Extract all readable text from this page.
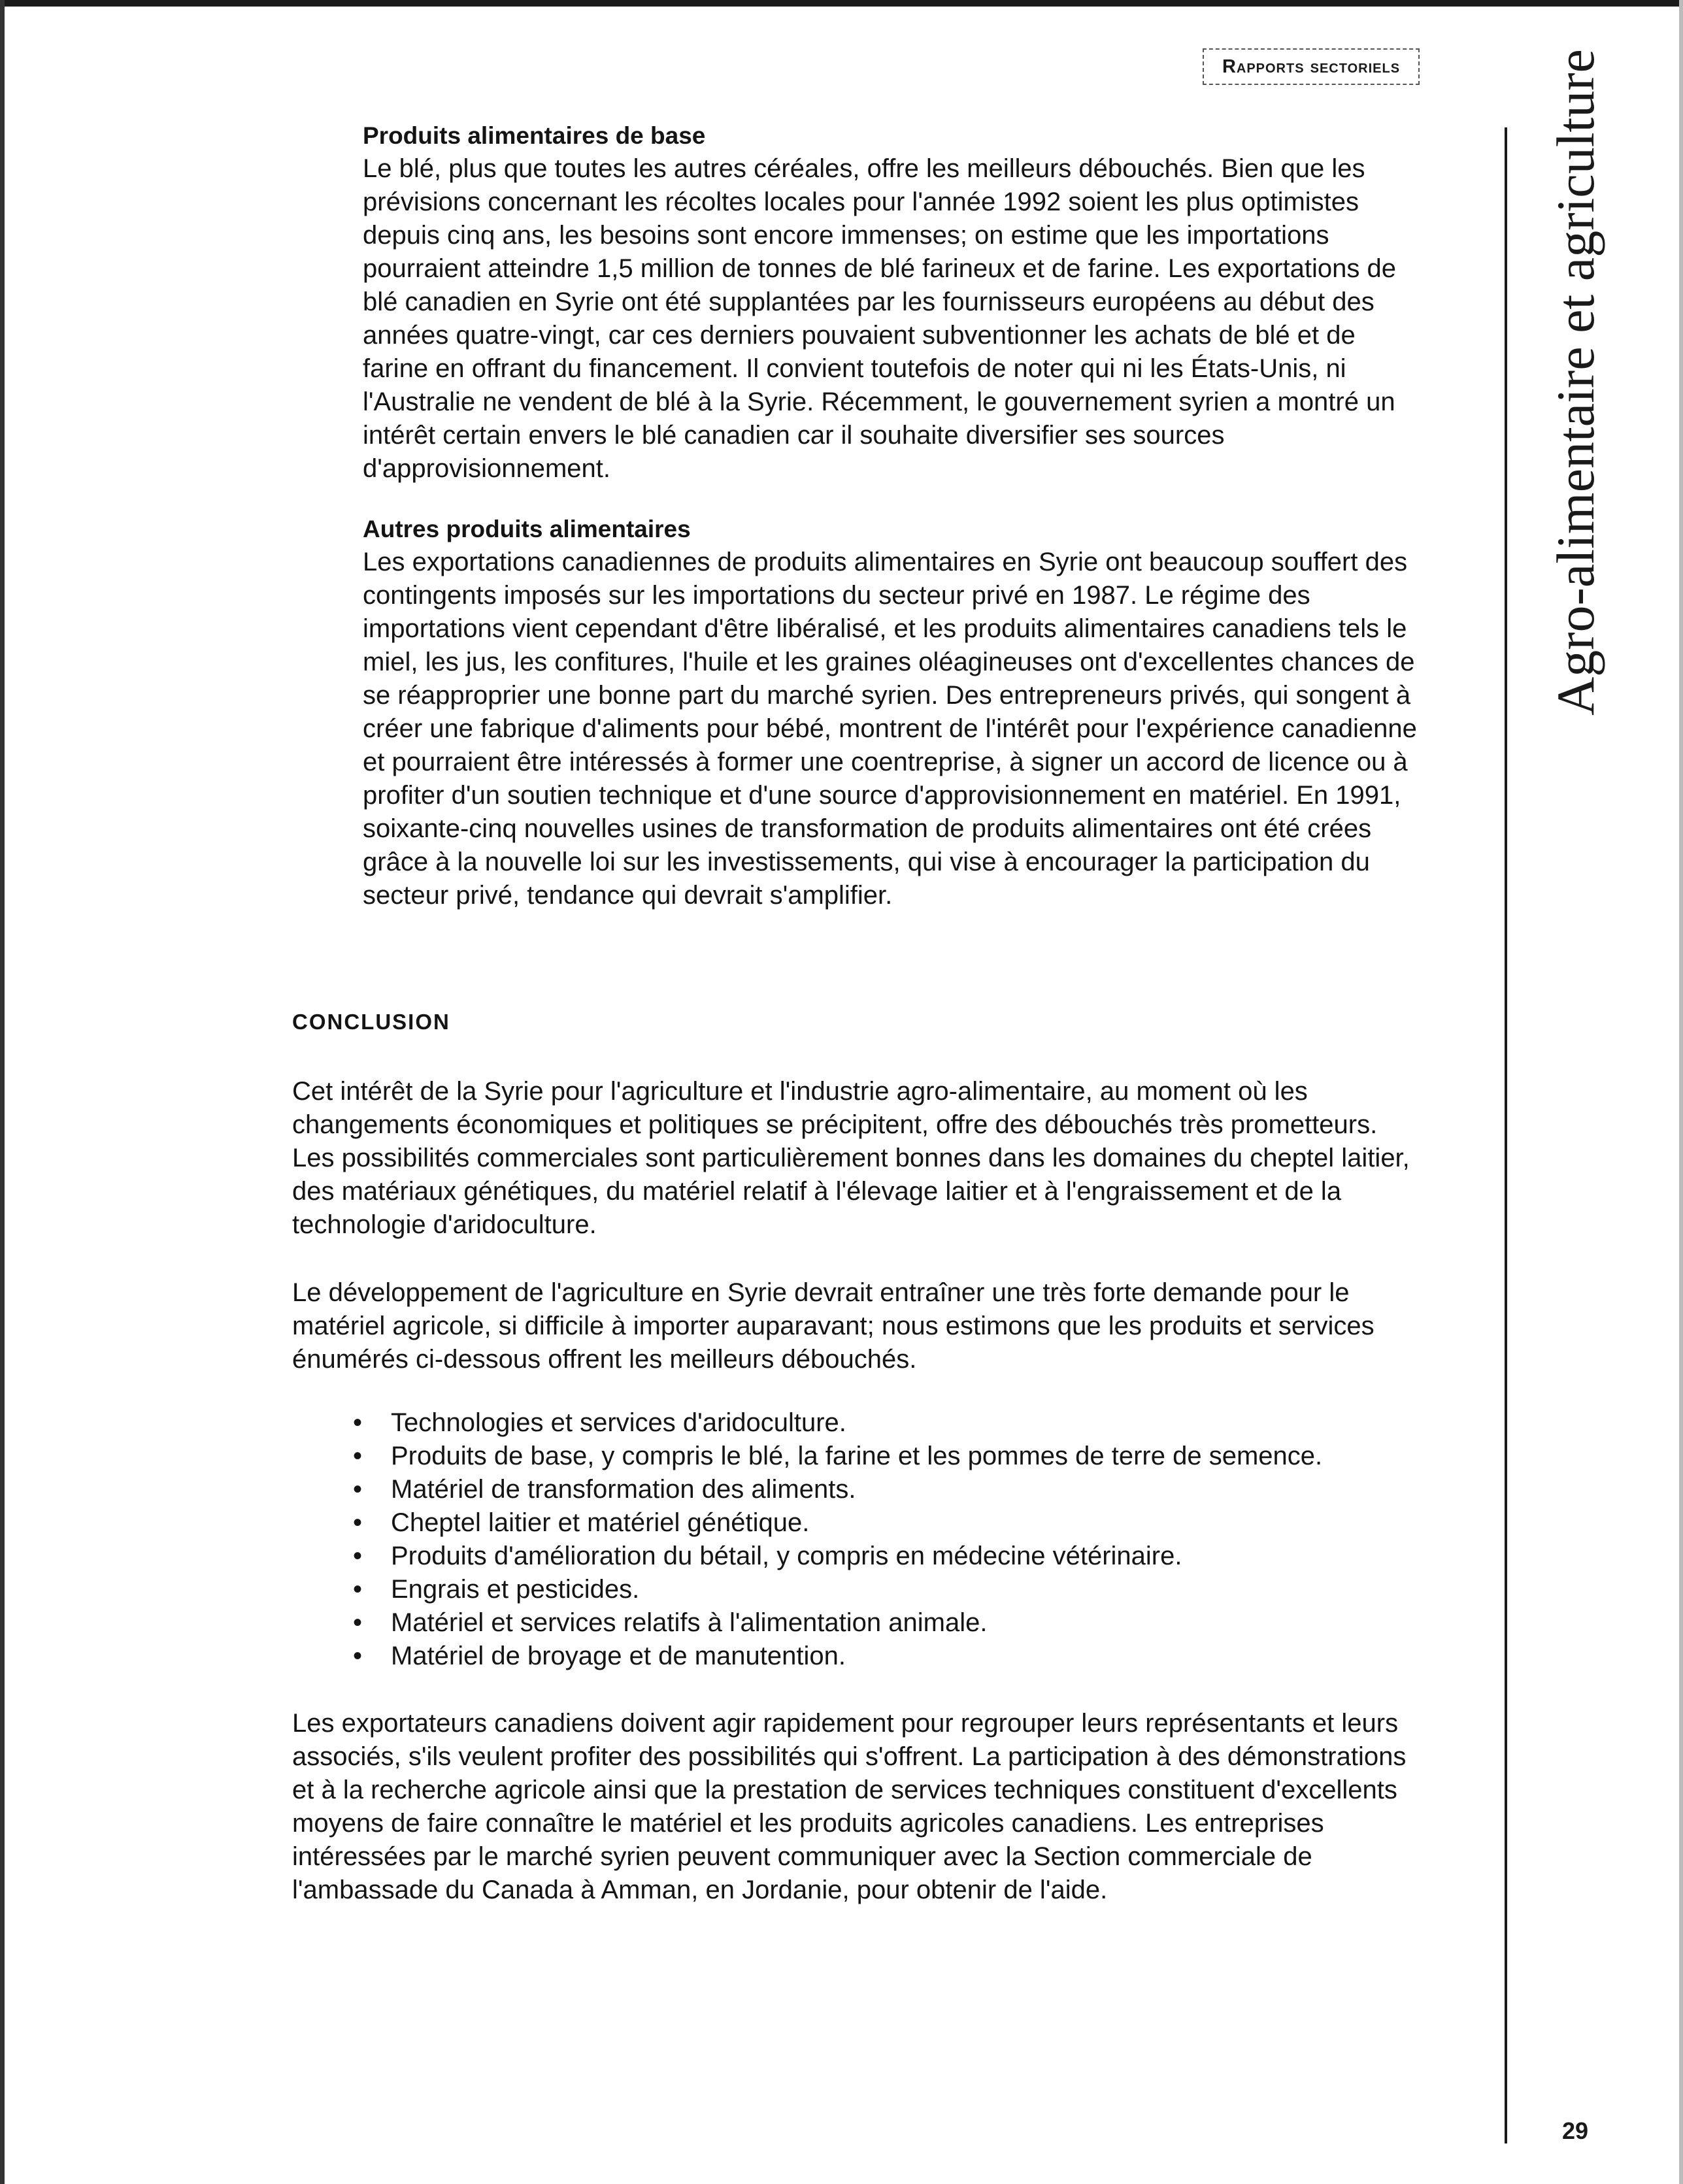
Rapports sectoriels	Agro-alimentaire et agriculture

Produits alimentaires de base

Le blé, plus que toutes les autres céréales, offre les meilleurs débouchés. Bien que les prévisions concernant les récoltes locales pour l'année 1992 soient les plus optimistes depuis cinq ans, les besoins sont encore immenses; on estime que les importations pourraient atteindre 1,5 million de tonnes de blé farineux et de farine. Les exportations de blé canadien en Syrie ont été supplantées par les fournisseurs européens au début des années quatre-vingt, car ces derniers pouvaient subventionner les achats de blé et de farine en offrant du financement. Il convient toutefois de noter qui ni les États-Unis, ni l'Australie ne vendent de blé à la Syrie. Récemment, le gouvernement syrien a montré un intérêt certain envers le blé canadien car il souhaite diversifier ses sources d'approvisionnement.

Autres produits alimentaires

Les exportations canadiennes de produits alimentaires en Syrie ont beaucoup souffert des contingents imposés sur les importations du secteur privé en 1987. Le régime des importations vient cependant d'être libéralisé, et les produits alimentaires canadiens tels le miel, les jus, les confitures, l'huile et les graines oléagineuses ont d'excellentes chances de se réapproprier une bonne part du marché syrien. Des entrepreneurs privés, qui songent à créer une fabrique d'aliments pour bébé, montrent de l'intérêt pour l'expérience canadienne et pourraient être intéressés à former une coentreprise, à signer un accord de licence ou à profiter d'un soutien technique et d'une source d'approvisionnement en matériel. En 1991, soixante-cinq nouvelles usines de transformation de produits alimentaires ont été crées grâce à la nouvelle loi sur les investissements, qui vise à encourager la participation du secteur privé, tendance qui devrait s'amplifier.

CONCLUSION

Cet intérêt de la Syrie pour l'agriculture et l'industrie agro-alimentaire, au moment où les changements économiques et politiques se précipitent, offre des débouchés très prometteurs. Les possibilités commerciales sont particulièrement bonnes dans les domaines du cheptel laitier, des matériaux génétiques, du matériel relatif à l'élevage laitier et à l'engraissement et de la technologie d'aridoculture.

Le développement de l'agriculture en Syrie devrait entraîner une très forte demande pour le matériel agricole, si difficile à importer auparavant; nous estimons que les produits et services énumérés ci-dessous offrent les meilleurs débouchés.

• Technologies et services d'aridoculture.
• Produits de base, y compris le blé, la farine et les pommes de terre de semence.
• Matériel de transformation des aliments.
• Cheptel laitier et matériel génétique.
• Produits d'amélioration du bétail, y compris en médecine vétérinaire.
• Engrais et pesticides.
• Matériel et services relatifs à l'alimentation animale.
• Matériel de broyage et de manutention.

Les exportateurs canadiens doivent agir rapidement pour regrouper leurs représentants et leurs associés, s'ils veulent profiter des possibilités qui s'offrent. La participation à des démonstrations et à la recherche agricole ainsi que la prestation de services techniques constituent d'excellents moyens de faire connaître le matériel et les produits agricoles canadiens. Les entreprises intéressées par le marché syrien peuvent communiquer avec la Section commerciale de l'ambassade du Canada à Amman, en Jordanie, pour obtenir de l'aide.

29
